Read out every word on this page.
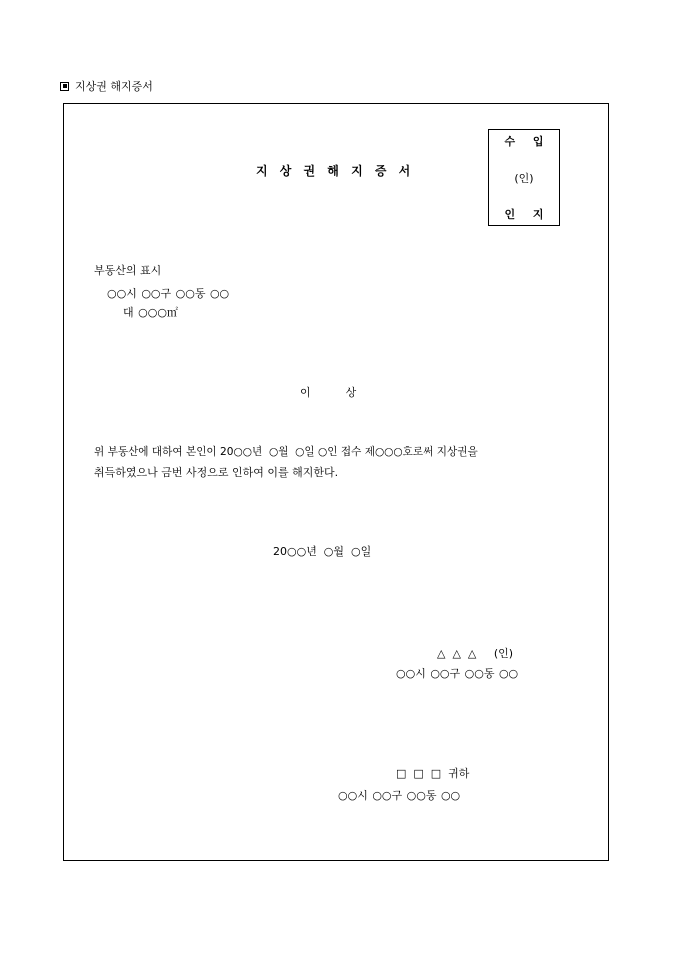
지상권 해지증서
지 상 권 해 지 증 서
수 입
(인)
인 지
부동산의 표시
○○시 ○○구 ○○동 ○○
대 ○○○㎡
이          상
위 부동산에 대하여 본인이 20○○년  ○월  ○일 ○인 접수 제○○○호로써 지상권을
취득하였으나 금번 사정으로 인하여 이를 해지한다.
20○○년  ○월  ○일
△  △  △     (인)
○○시 ○○구 ○○동 ○○
□  □  □  귀하
○○시 ○○구 ○○동 ○○
